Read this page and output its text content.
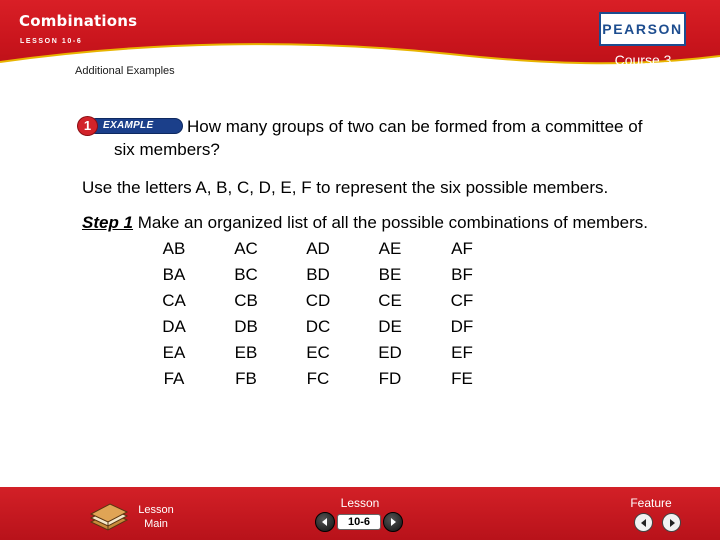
Combinations
LESSON 10-6
Additional Examples
PEARSON
Course 3
1	EXAMPLE	How many groups of two can be formed from a committee of
six members?
Use the letters A, B, C, D, E, F to represent the six possible members.
Step 1 Make an organized list of all the possible combinations of members.
AB	AC	AD	AE	AF
BA	BC	BD	BE	BF
CA	CB	CD	CE	CF
DA	DB	DC	DE	DF
EA	EB	EC	ED	EF
FA	FB	FC	FD	FE
Lesson
Main
Lesson
10-6
Feature
